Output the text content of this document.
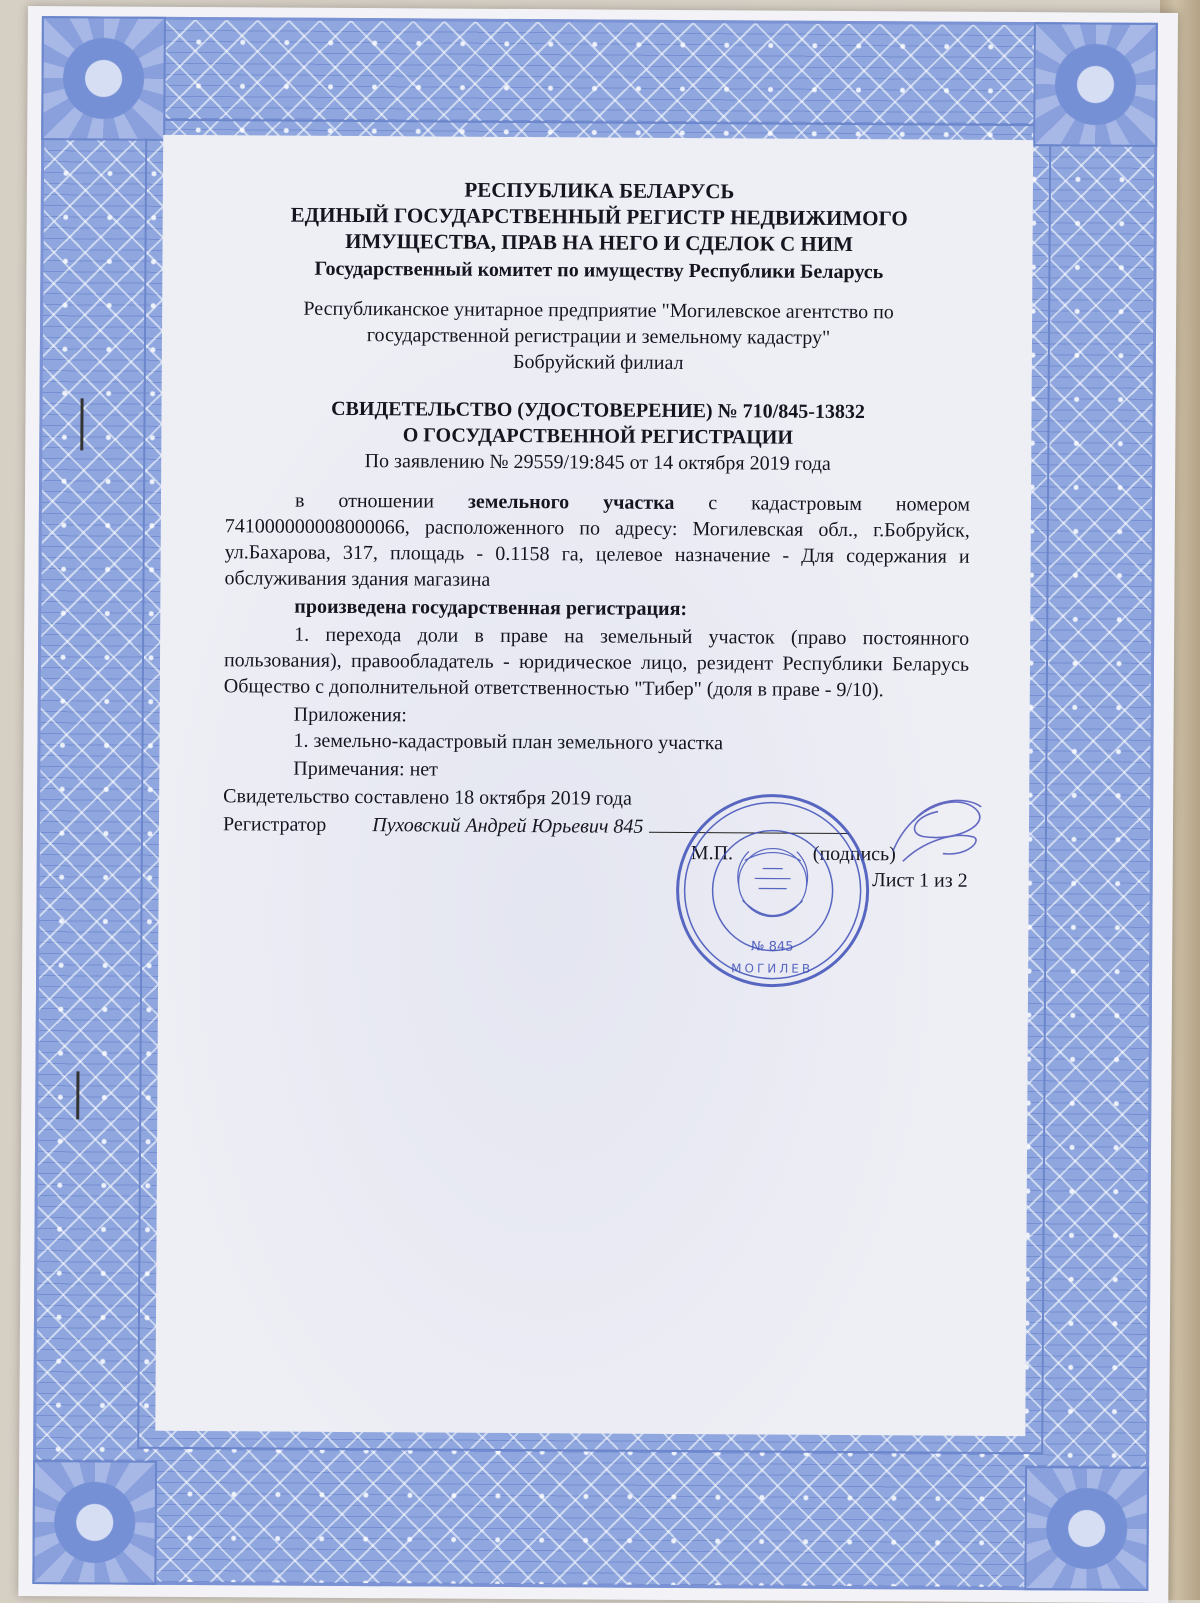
РЕСПУБЛИКА БЕЛАРУСЬ
ЕДИНЫЙ ГОСУДАРСТВЕННЫЙ РЕГИСТР НЕДВИЖИМОГО
ИМУЩЕСТВА, ПРАВ НА НЕГО И СДЕЛОК С НИМ
Государственный комитет по имуществу Республики Беларусь
Республиканское унитарное предприятие "Могилевское агентство по
государственной регистрации и земельному кадастру"
Бобруйский филиал
СВИДЕТЕЛЬСТВО (УДОСТОВЕРЕНИЕ) № 710/845-13832
О ГОСУДАРСТВЕННОЙ РЕГИСТРАЦИИ
По заявлению № 29559/19:845 от 14 октября 2019 года

в отношении земельного участка с кадастровым номером 741000000008000066, расположенного по адресу: Могилевская обл., г.Бобруйск, ул.Бахарова, 317, площадь - 0.1158 га, целевое назначение - Для содержания и обслуживания здания магазина

произведена государственная регистрация:

1. перехода доли в праве на земельный участок (право постоянного пользования), правообладатель - юридическое лицо, резидент Республики Беларусь Общество с дополнительной ответственностью "Тибер" (доля в праве - 9/10).

Приложения:

1. земельно-кадастровый план земельного участка

Примечания: нет

Свидетельство составлено 18 октября 2019 года

Регистратор Пуховский Андрей Юрьевич 845
М.П.	(подпись)
Лист 1 из 2
№ 845
МОГИЛЕВ
